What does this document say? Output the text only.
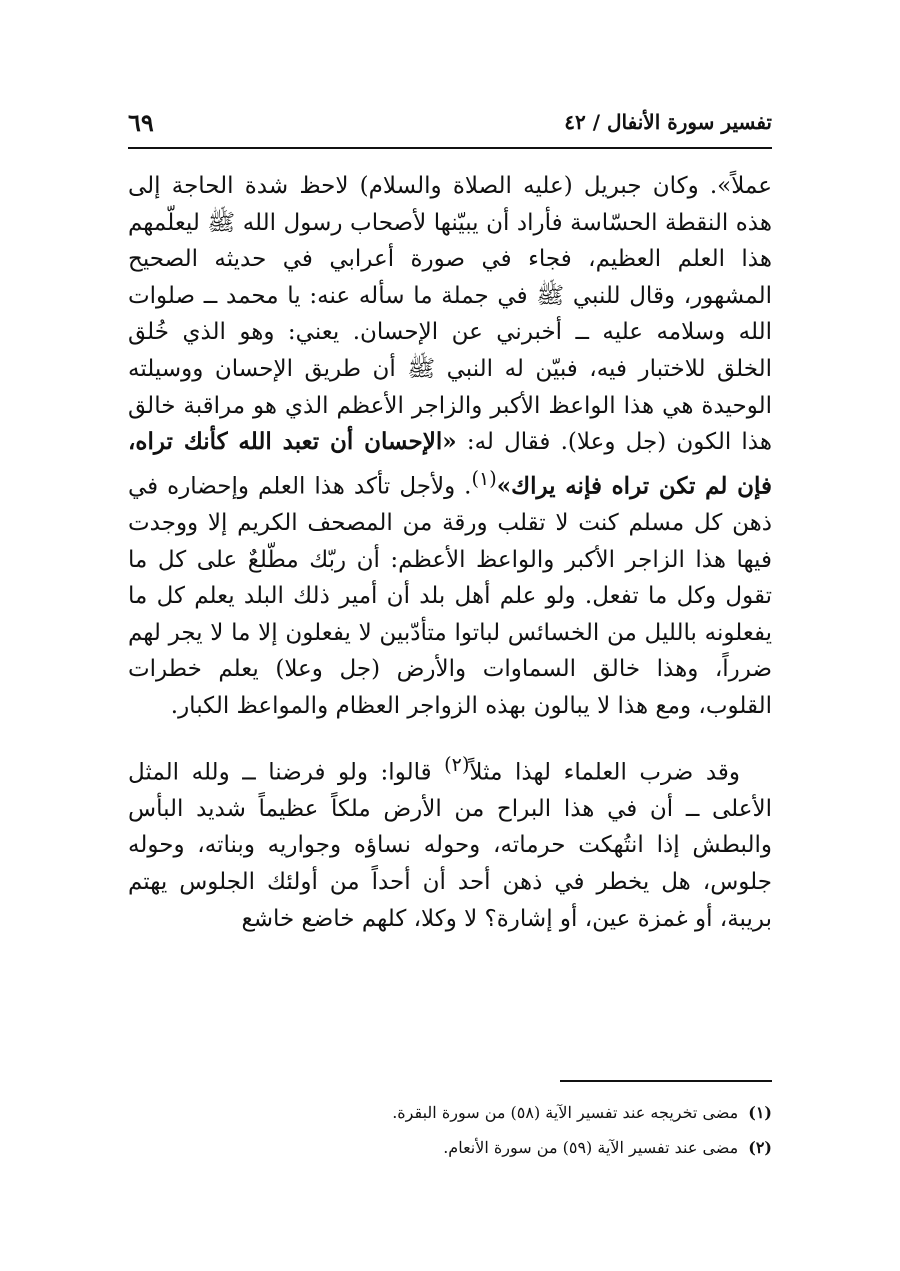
تفسير سورة الأنفال / ٤٢
٦٩

عملاً». وكان جبريل (عليه الصلاة والسلام) لاحظ شدة الحاجة إلى هذه النقطة الحسّاسة فأراد أن يبيّنها لأصحاب رسول الله ﷺ ليعلّمهم هذا العلم العظيم، فجاء في صورة أعرابي في حديثه الصحيح المشهور، وقال للنبي ﷺ في جملة ما سأله عنه: يا محمد ــ صلوات الله وسلامه عليه ــ أخبرني عن الإحسان. يعني: وهو الذي خُلق الخلق للاختبار فيه، فبيّن له النبي ﷺ أن طريق الإحسان ووسيلته الوحيدة هي هذا الواعظ الأكبر والزاجر الأعظم الذي هو مراقبة خالق هذا الكون (جل وعلا). فقال له: «الإحسان أن تعبد الله كأنك تراه، فإن لم تكن تراه فإنه يراك»$^{(١)}$. ولأجل تأكد هذا العلم وإحضاره في ذهن كل مسلم كنت لا تقلب ورقة من المصحف الكريم إلا ووجدت فيها هذا الزاجر الأكبر والواعظ الأعظم: أن ربّك مطّلعٌ على كل ما تقول وكل ما تفعل. ولو علم أهل بلد أن أمير ذلك البلد يعلم كل ما يفعلونه بالليل من الخسائس لباتوا متأدّبين لا يفعلون إلا ما لا يجر لهم ضرراً، وهذا خالق السماوات والأرض (جل وعلا) يعلم خطرات القلوب، ومع هذا لا يبالون بهذه الزواجر العظام والمواعظ الكبار.

وقد ضرب العلماء لهذا مثلاً$^{(٢)}$ قالوا: ولو فرضنا ــ ولله المثل الأعلى ــ أن في هذا البراح من الأرض ملكاً عظيماً شديد البأس والبطش إذا انتُهكت حرماته، وحوله نساؤه وجواريه وبناته، وحوله جلوس، هل يخطر في ذهن أحد أن أحداً من أولئك الجلوس يهتم بريبة، أو غمزة عين، أو إشارة؟ لا وكلا، كلهم خاضع خاشع

(١)مضى تخريجه عند تفسير الآية (٥٨) من سورة البقرة.
(٢)مضى عند تفسير الآية (٥٩) من سورة الأنعام.
